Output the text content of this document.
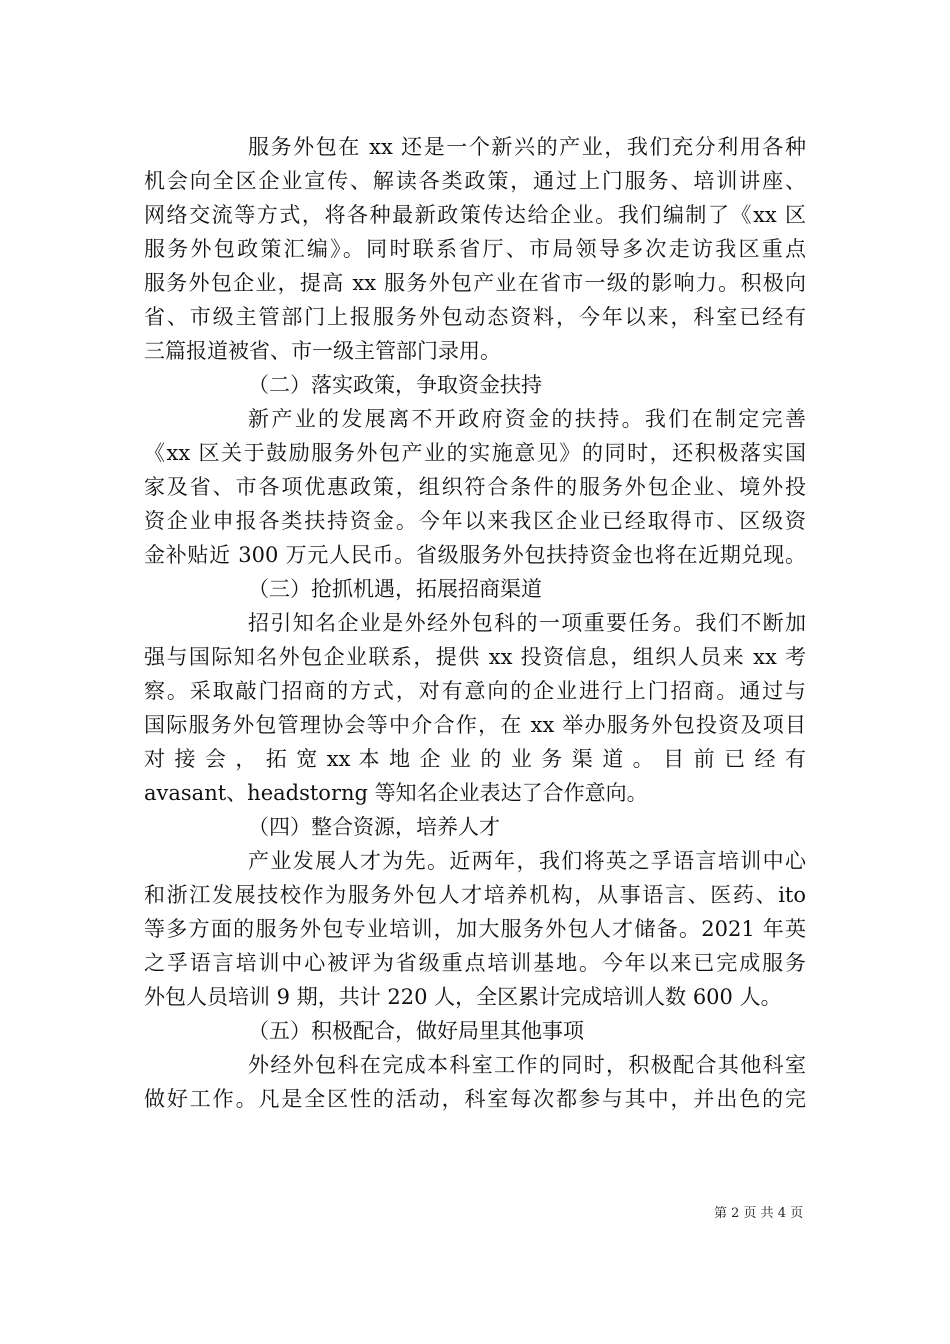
服务外包在 xx 还是一个新兴的产业，我们充分利用各种
机会向全区企业宣传、解读各类政策，通过上门服务、培训讲座、
网络交流等方式，将各种最新政策传达给企业。我们编制了《xx 区
服务外包政策汇编》。同时联系省厅、市局领导多次走访我区重点
服务外包企业，提高 xx 服务外包产业在省市一级的影响力。积极向
省、市级主管部门上报服务外包动态资料，今年以来，科室已经有
三篇报道被省、市一级主管部门录用。
（二）落实政策，争取资金扶持
新产业的发展离不开政府资金的扶持。我们在制定完善
《xx 区关于鼓励服务外包产业的实施意见》的同时，还积极落实国
家及省、市各项优惠政策，组织符合条件的服务外包企业、境外投
资企业申报各类扶持资金。今年以来我区企业已经取得市、区级资
金补贴近 300 万元人民币。省级服务外包扶持资金也将在近期兑现。
（三）抢抓机遇，拓展招商渠道
招引知名企业是外经外包科的一项重要任务。我们不断加
强与国际知名外包企业联系，提供 xx 投资信息，组织人员来 xx 考
察。采取敲门招商的方式，对有意向的企业进行上门招商。通过与
国际服务外包管理协会等中介合作，在 xx 举办服务外包投资及项目
对 接 会 ， 拓 宽 xx 本 地 企 业 的 业 务 渠 道 。 目 前 已 经 有
avasant、headstorng 等知名企业表达了合作意向。
（四）整合资源，培养人才
产业发展人才为先。近两年，我们将英之孚语言培训中心
和浙江发展技校作为服务外包人才培养机构，从事语言、医药、ito
等多方面的服务外包专业培训，加大服务外包人才储备。2021 年英
之孚语言培训中心被评为省级重点培训基地。今年以来已完成服务
外包人员培训 9 期，共计 220 人，全区累计完成培训人数 600 人。
（五）积极配合，做好局里其他事项
外经外包科在完成本科室工作的同时，积极配合其他科室
做好工作。凡是全区性的活动，科室每次都参与其中，并出色的完
第 2 页 共 4 页
